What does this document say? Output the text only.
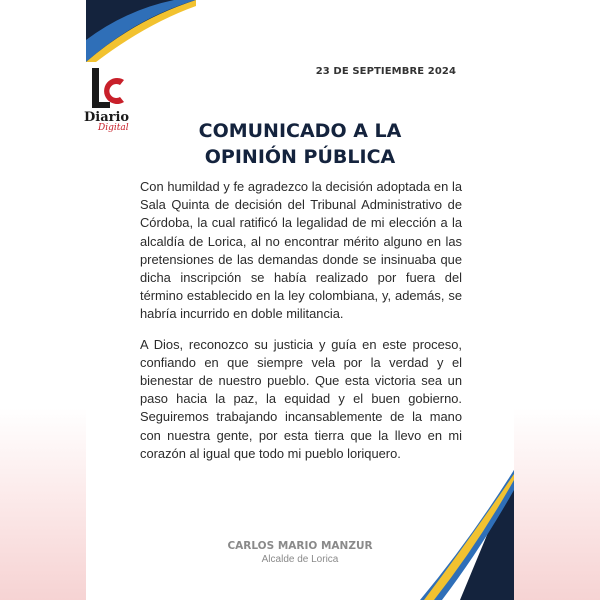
Diario
Digital
23 DE SEPTIEMBRE 2024
COMUNICADO A LA
OPINIÓN PÚBLICA

Con humildad y fe agradezco la decisión adoptada en la Sala Quinta de decisión del Tribunal Administrativo de Córdoba, la cual ratificó la legalidad de mi elección a la alcaldía de Lorica, al no encontrar mérito alguno en las pretensiones de las demandas donde se insinuaba que dicha inscripción se había realizado por fuera del término establecido en la ley colombiana, y, además, se habría incurrido en doble militancia.

A Dios, reconozco su justicia y guía en este proceso, confiando en que siempre vela por la verdad y el bienestar de nuestro pueblo. Que esta victoria sea un paso hacia la paz, la equidad y el buen gobierno. Seguiremos trabajando incansablemente de la mano con nuestra gente, por esta tierra que la llevo en mi corazón al igual que todo mi pueblo loriquero.

CARLOS MARIO MANZUR
Alcalde de Lorica
